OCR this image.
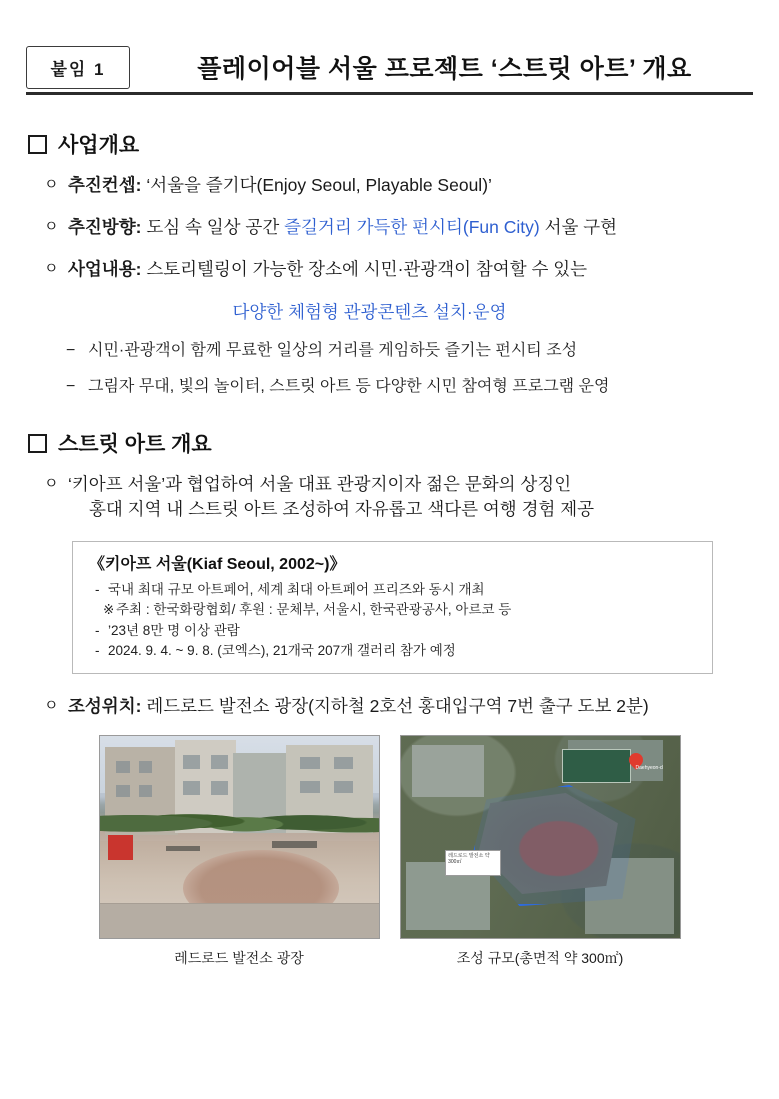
붙임 1	플레이어블 서울 프로젝트 ‘스트릿 아트’ 개요
사업개요
ㅇ 추진컨셉: ‘서울을 즐기다(Enjoy Seoul, Playable Seoul)’
ㅇ 추진방향: 도심 속 일상 공간 즐길거리 가득한 펀시티(Fun City) 서울 구현
ㅇ 사업내용: 스토리텔링이 가능한 장소에 시민·관광객이 참여할 수 있는
다양한 체험형 관광콘텐츠 설치·운영
− 시민·관광객이 함께 무료한 일상의 거리를 게임하듯 즐기는 펀시티 조성
− 그림자 무대, 빛의 놀이터, 스트릿 아트 등 다양한 시민 참여형 프로그램 운영
스트릿 아트 개요
ㅇ ‘키아프 서울’과 협업하여 서울 대표 관광지이자 젊은 문화의 상징인
홍대 지역 내 스트릿 아트 조성하여 자유롭고 색다른 여행 경험 제공
《키아프 서울(Kiaf Seoul, 2002~)》
- 국내 최대 규모 아트페어, 세계 최대 아트페어 프리즈와 동시 개최
※ 주최 : 한국화랑협회/ 후원 : 문체부, 서울시, 한국관광공사, 아르코 등
- ’23년 8만 명 이상 관람
- 2024. 9. 4. ~ 9. 8. (코엑스), 21개국 207개 갤러리 참가 예정
ㅇ 조성위치: 레드로드 발전소 광장(지하철 2호선 홍대입구역 7번 출구 도보 2분)
레드로드 발전소 광장
Daehyeon-d
레드로드 발전소 약 300㎡
조성 규모(총면적 약 300㎡)
